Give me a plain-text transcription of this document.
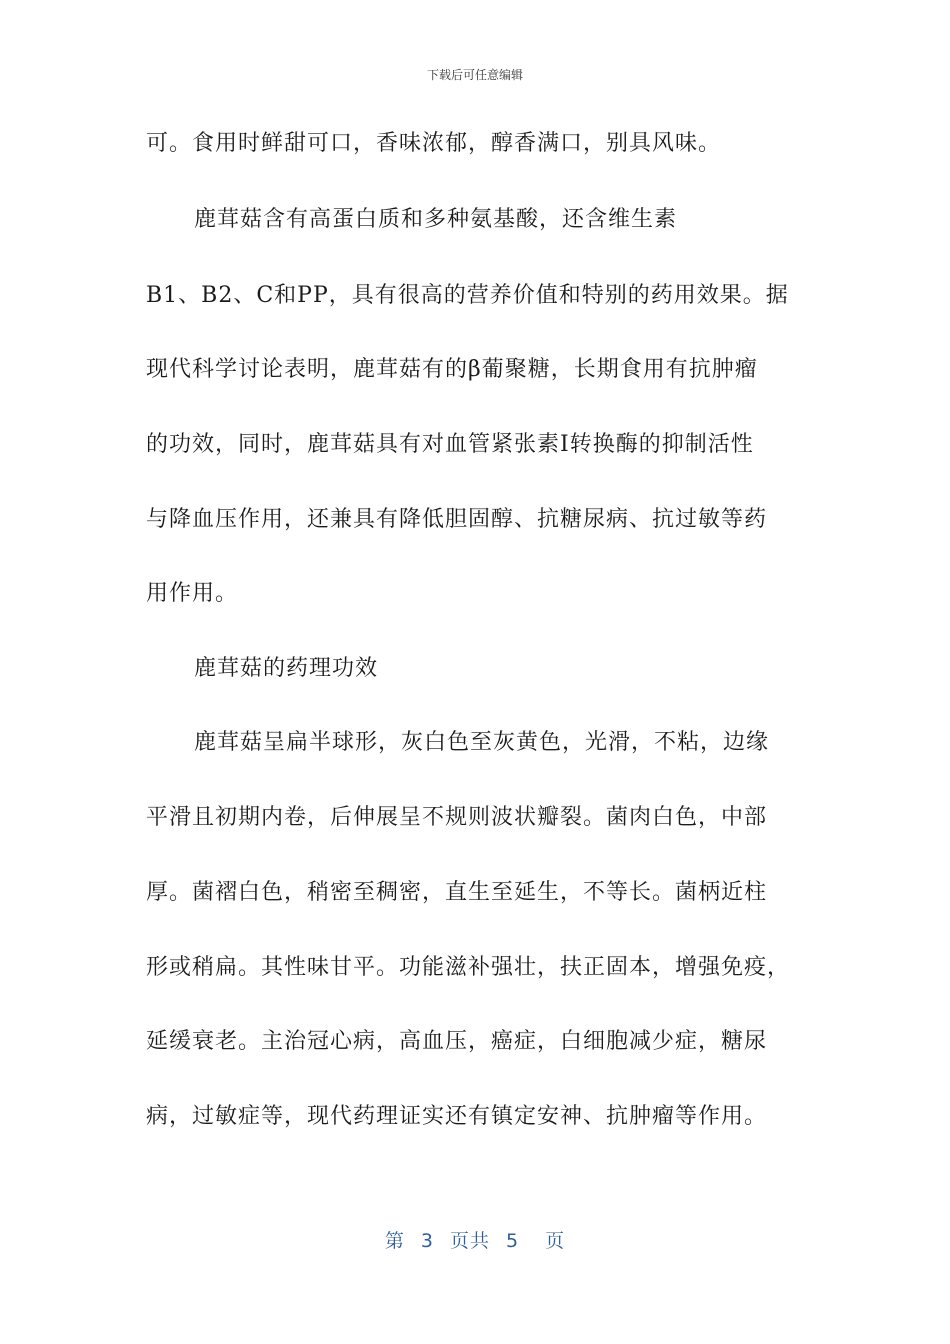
下载后可任意编辑
可。食用时鲜甜可口，香味浓郁，醇香满口，别具风味。
鹿茸菇含有高蛋白质和多种氨基酸，还含维生素
B1、B2、C和PP，具有很高的营养价值和特别的药用效果。据
现代科学讨论表明，鹿茸菇有的β葡聚糖，长期食用有抗肿瘤
的功效，同时，鹿茸菇具有对血管紧张素Ⅰ转换酶的抑制活性
与降血压作用，还兼具有降低胆固醇、抗糖尿病、抗过敏等药
用作用。
鹿茸菇的药理功效
鹿茸菇呈扁半球形，灰白色至灰黄色，光滑，不粘，边缘
平滑且初期内卷，后伸展呈不规则波状瓣裂。菌肉白色，中部
厚。菌褶白色，稍密至稠密，直生至延生，不等长。菌柄近柱
形或稍扁。其性味甘平。功能滋补强壮，扶正固本，增强免疫，
延缓衰老。主治冠心病，高血压，癌症，白细胞减少症，糖尿
病，过敏症等，现代药理证实还有镇定安神、抗肿瘤等作用。
第 3 页共 5 页
